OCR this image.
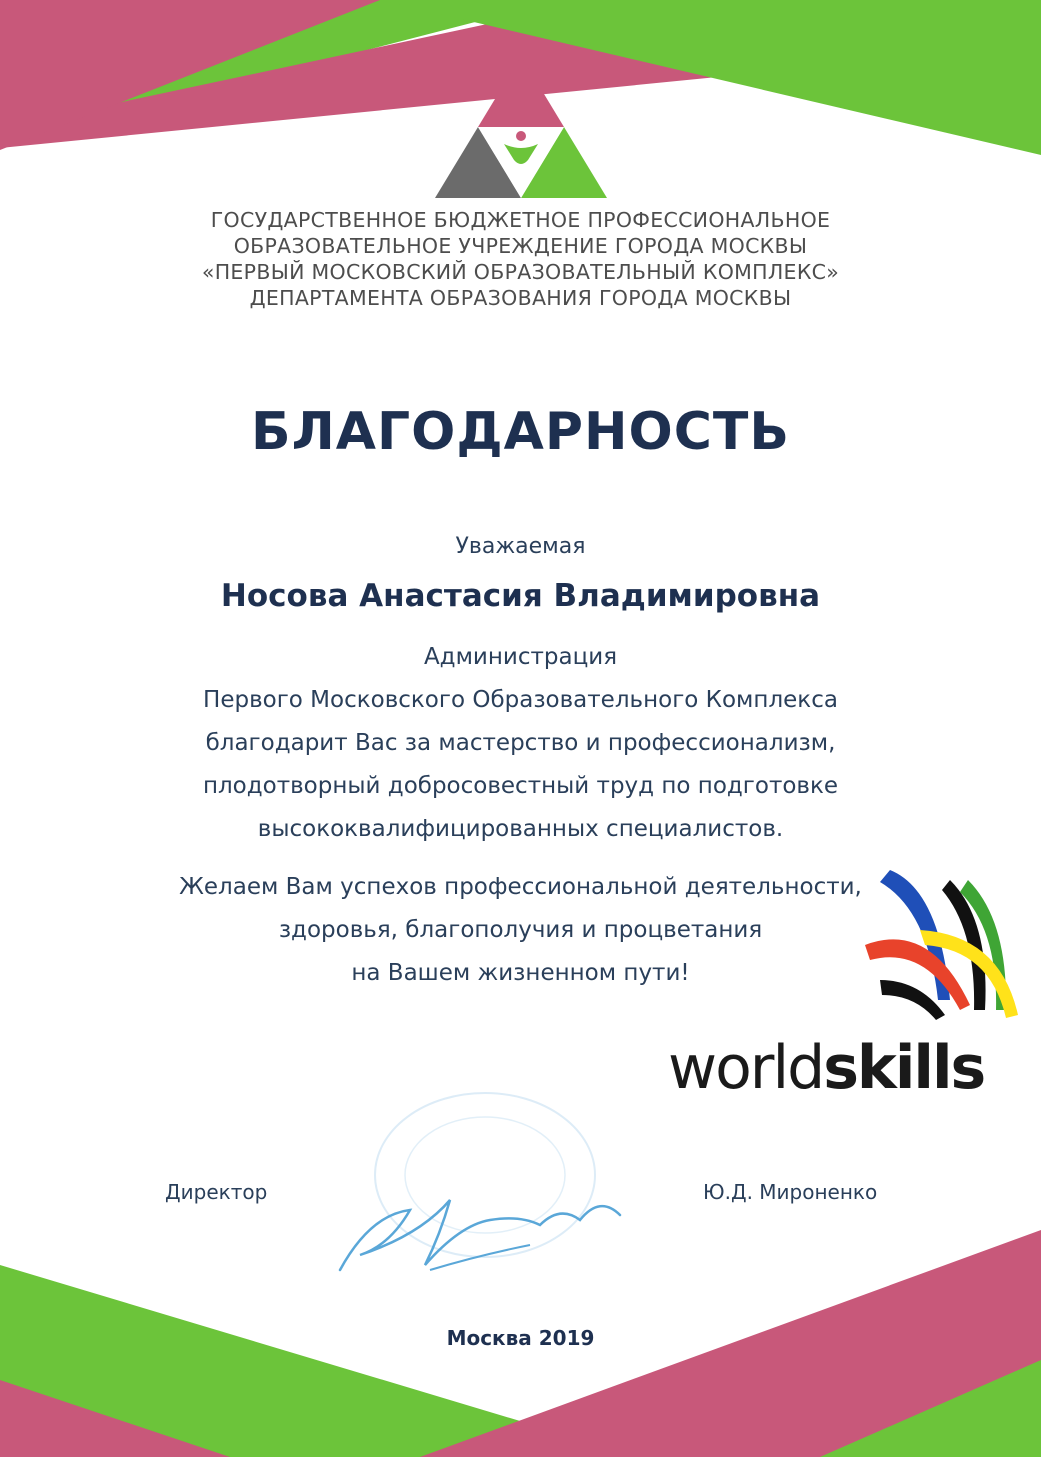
ГОСУДАРСТВЕННОЕ БЮДЖЕТНОЕ ПРОФЕССИОНАЛЬНОЕ
ОБРАЗОВАТЕЛЬНОЕ УЧРЕЖДЕНИЕ ГОРОДА МОСКВЫ
«ПЕРВЫЙ МОСКОВСКИЙ ОБРАЗОВАТЕЛЬНЫЙ КОМПЛЕКС»
ДЕПАРТАМЕНТА ОБРАЗОВАНИЯ ГОРОДА МОСКВЫ
БЛАГОДАРНОСТЬ
Уважаемая
Носова Анастасия Владимировна
Администрация
Первого Московского Образовательного Комплекса
благодарит Вас за мастерство и профессионализм,
плодотворный добросовестный труд по подготовке
высококвалифицированных специалистов.
Желаем Вам успехов профессиональной деятельности,
здоровья, благополучия и процветания
на Вашем жизненном пути!
worldskills
Директор	Ю.Д. Мироненко
Москва 2019
